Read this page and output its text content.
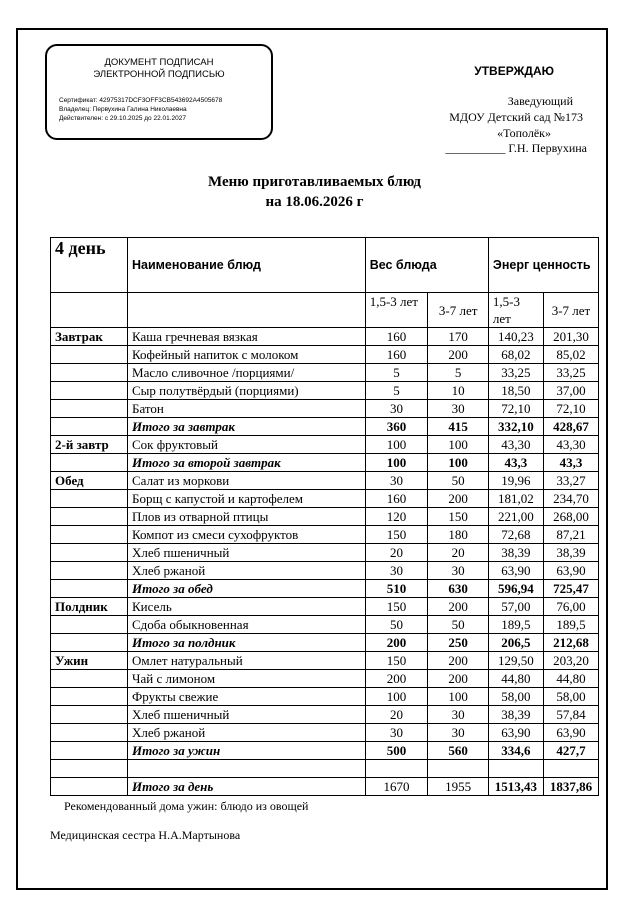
ДОКУМЕНТ ПОДПИСАН
ЭЛЕКТРОННОЙ ПОДПИСЬЮ
Сертификат: 42975317DCF3OFF3CB543692A4505678
Владелец: Первухина Галина Николаевна
Действителен: с 29.10.2025 до 22.01.2027
УТВЕРЖДАЮ
Заведующий
МДОУ Детский сад №173
«Тополёк»
__________ Г.Н. Первухина
Меню приготавливаемых блюд
на 18.06.2026 г
4 день	Наименование блюд	Вес блюда		Энерг ценность	
		1,5-3 лет	3-7 лет	1,5-3 лет	3-7 лет
Завтрак	Каша гречневая вязкая	160	170	140,23	201,30
	Кофейный напиток с молоком	160	200	68,02	85,02
	Масло сливочное /порциями/	5	5	33,25	33,25
	Сыр полутвёрдый (порциями)	5	10	18,50	37,00
	Батон	30	30	72,10	72,10
	Итого за завтрак	360	415	332,10	428,67
2-й завтр	Сок фруктовый	100	100	43,30	43,30
	Итого за второй завтрак	100	100	43,3	43,3
Обед	Салат из моркови	30	50	19,96	33,27
	Борщ с капустой и картофелем	160	200	181,02	234,70
	Плов из отварной птицы	120	150	221,00	268,00
	Компот из смеси сухофруктов	150	180	72,68	87,21
	Хлеб пшеничный	20	20	38,39	38,39
	Хлеб ржаной	30	30	63,90	63,90
	Итого за обед	510	630	596,94	725,47
Полдник	Кисель	150	200	57,00	76,00
	Сдоба обыкновенная	50	50	189,5	189,5
	Итого за полдник	200	250	206,5	212,68
Ужин	Омлет натуральный	150	200	129,50	203,20
	Чай с лимоном	200	200	44,80	44,80
	Фрукты свежие	100	100	58,00	58,00
	Хлеб пшеничный	20	30	38,39	57,84
	Хлеб ржаной	30	30	63,90	63,90
	Итого за ужин	500	560	334,6	427,7

	Итого за день	1670	1955	1513,43	1837,86
Рекомендованный дома ужин: блюдо из овощей
Медицинская сестра Н.А.Мартынова
